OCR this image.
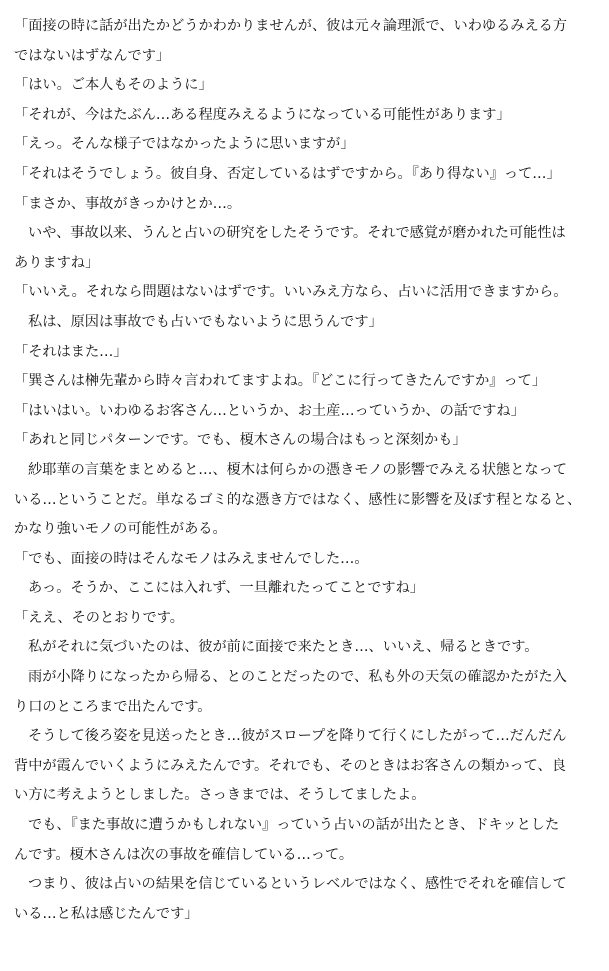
「面接の時に話が出たかどうかわかりませんが、彼は元々論理派で、いわゆるみえる方
ではないはずなんです」
「はい。ご本人もそのように」
「それが、今はたぶん…ある程度みえるようになっている可能性があります」
「えっ。そんな様子ではなかったように思いますが」
「それはそうでしょう。彼自身、否定しているはずですから。『あり得ない』って…」
「まさか、事故がきっかけとか…。
いや、事故以来、うんと占いの研究をしたそうです。それで感覚が磨かれた可能性は
ありますね」
「いいえ。それなら問題はないはずです。いいみえ方なら、占いに活用できますから。
私は、原因は事故でも占いでもないように思うんです」
「それはまた…」
「巽さんは榊先輩から時々言われてますよね。『どこに行ってきたんですか』って」
「はいはい。いわゆるお客さん…というか、お土産…っていうか、の話ですね」
「あれと同じパターンです。でも、榎木さんの場合はもっと深刻かも」
紗耶華の言葉をまとめると…、榎木は何らかの憑きモノの影響でみえる状態となって
いる…ということだ。単なるゴミ的な憑き方ではなく、感性に影響を及ぼす程となると、
かなり強いモノの可能性がある。
「でも、面接の時はそんなモノはみえませんでした…。
あっ。そうか、ここには入れず、一旦離れたってことですね」
「ええ、そのとおりです。
私がそれに気づいたのは、彼が前に面接で来たとき…、いいえ、帰るときです。
雨が小降りになったから帰る、とのことだったので、私も外の天気の確認かたがた入
り口のところまで出たんです。
そうして後ろ姿を見送ったとき…彼がスロープを降りて行くにしたがって…だんだん
背中が霞んでいくようにみえたんです。それでも、そのときはお客さんの類かって、良
い方に考えようとしました。さっきまでは、そうしてましたよ。
でも、『また事故に遭うかもしれない』っていう占いの話が出たとき、ドキッとした
んです。榎木さんは次の事故を確信している…って。
つまり、彼は占いの結果を信じているというレベルではなく、感性でそれを確信して
いる…と私は感じたんです」
